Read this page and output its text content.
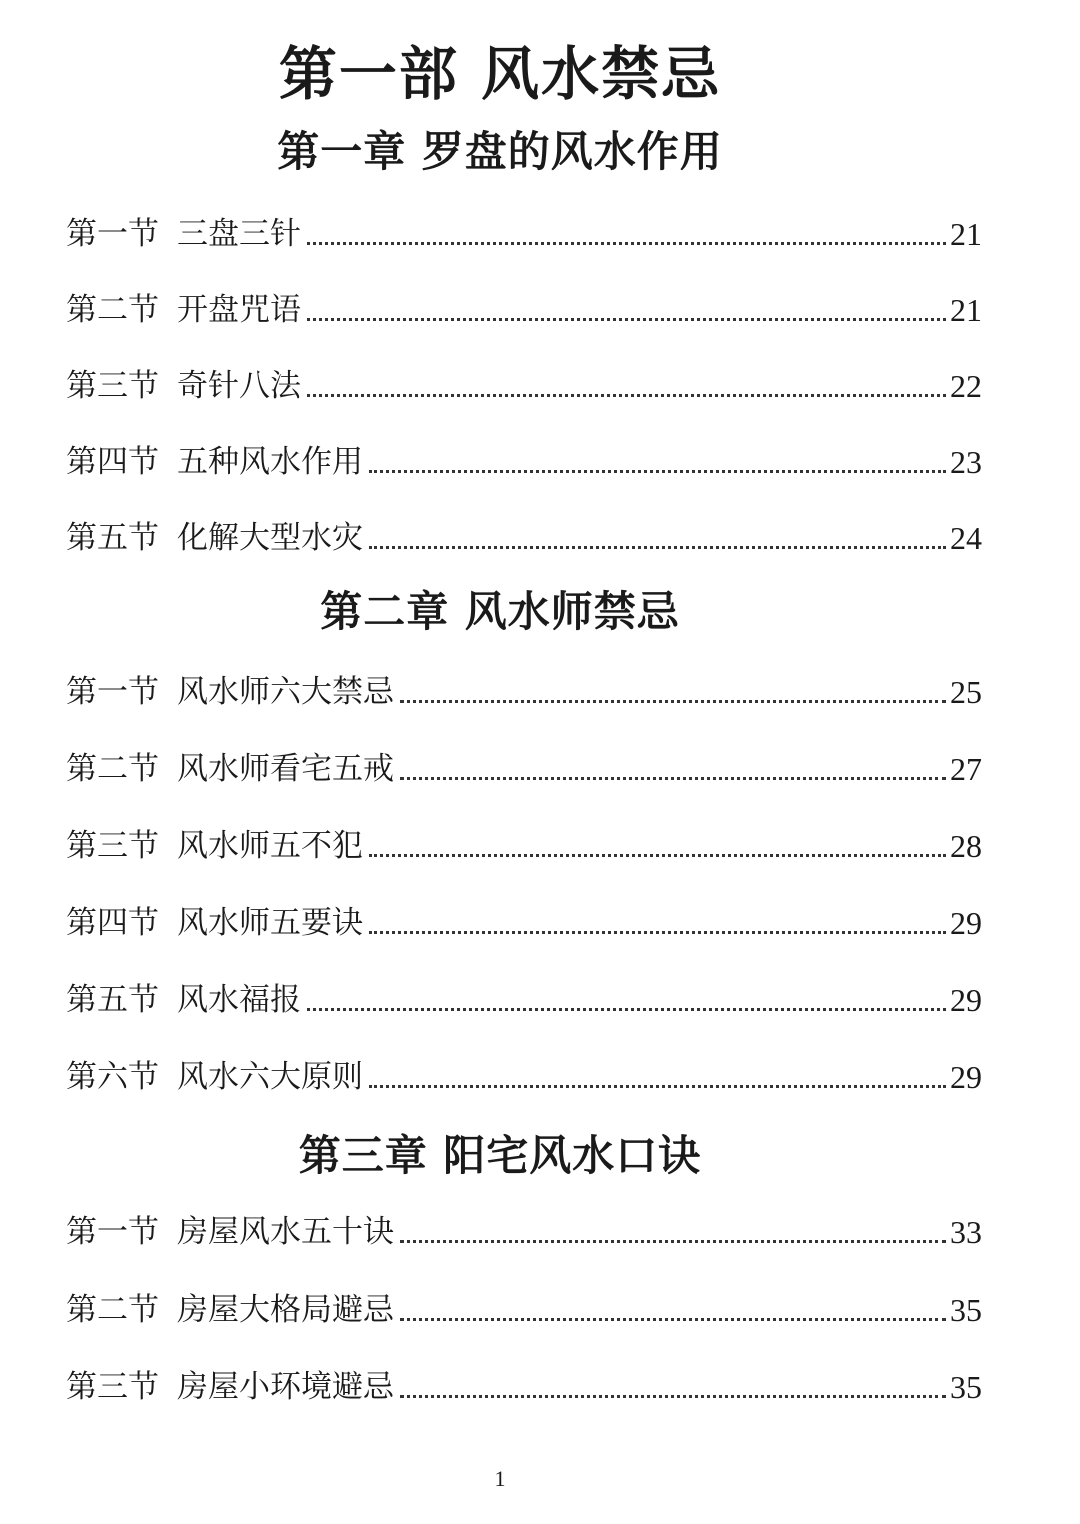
第一部 风水禁忌
第一章 罗盘的风水作用
第一节 三盘三针	21
第二节 开盘咒语	21
第三节 奇针八法	22
第四节 五种风水作用	23
第五节 化解大型水灾	24
第二章 风水师禁忌
第一节 风水师六大禁忌	25
第二节 风水师看宅五戒	27
第三节 风水师五不犯	28
第四节 风水师五要诀	29
第五节 风水福报	29
第六节 风水六大原则	29
第三章 阳宅风水口诀
第一节 房屋风水五十诀	33
第二节 房屋大格局避忌	35
第三节 房屋小环境避忌	35
1
